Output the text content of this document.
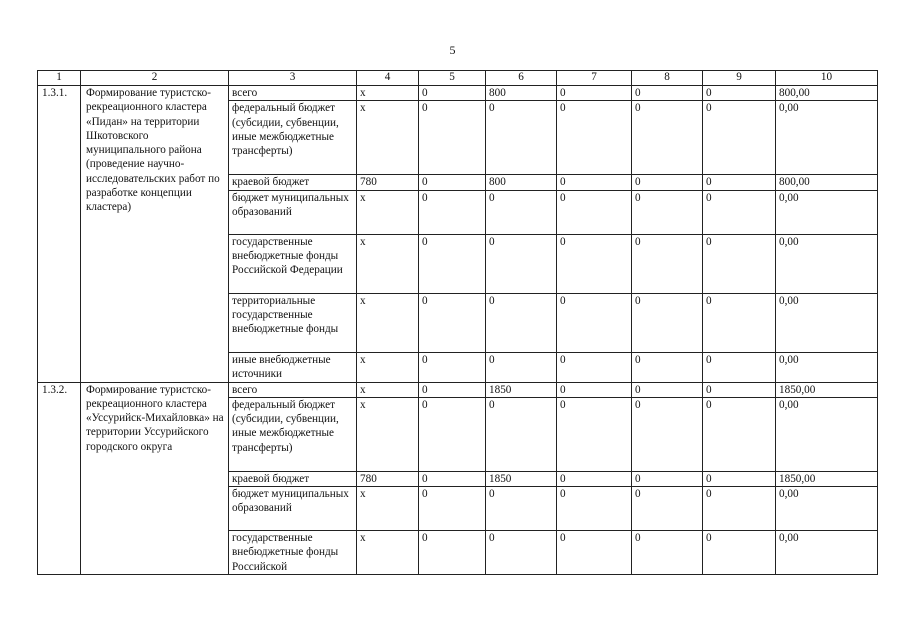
5
1	2	3	4	5	6	7	8	9	10
1.3.1.	Формирование туристско-рекреационного кластера «Пидан» на территории Шкотовского муниципального района (проведение научно-исследовательских работ по разработке концепции кластера)	всего	x	0	800	0	0	0	800,00
		федеральный бюджет (субсидии, субвенции, иные межбюджетные трансферты)	x	0	0	0	0	0	0,00
		краевой бюджет	780	0	800	0	0	0	800,00
		бюджет муниципальных образований	x	0	0	0	0	0	0,00
		государственные внебюджетные фонды Российской Федерации	x	0	0	0	0	0	0,00
		территориальные государственные внебюджетные фонды	x	0	0	0	0	0	0,00
		иные внебюджетные источники	x	0	0	0	0	0	0,00
1.3.2.	Формирование туристско-рекреационного кластера «Уссурийск-Михайловка» на территории Уссурийского городского округа	всего	x	0	1850	0	0	0	1850,00
		федеральный бюджет (субсидии, субвенции, иные межбюджетные трансферты)	x	0	0	0	0	0	0,00
		краевой бюджет	780	0	1850	0	0	0	1850,00
		бюджет муниципальных образований	x	0	0	0	0	0	0,00
		государственные внебюджетные фонды Российской	x	0	0	0	0	0	0,00
